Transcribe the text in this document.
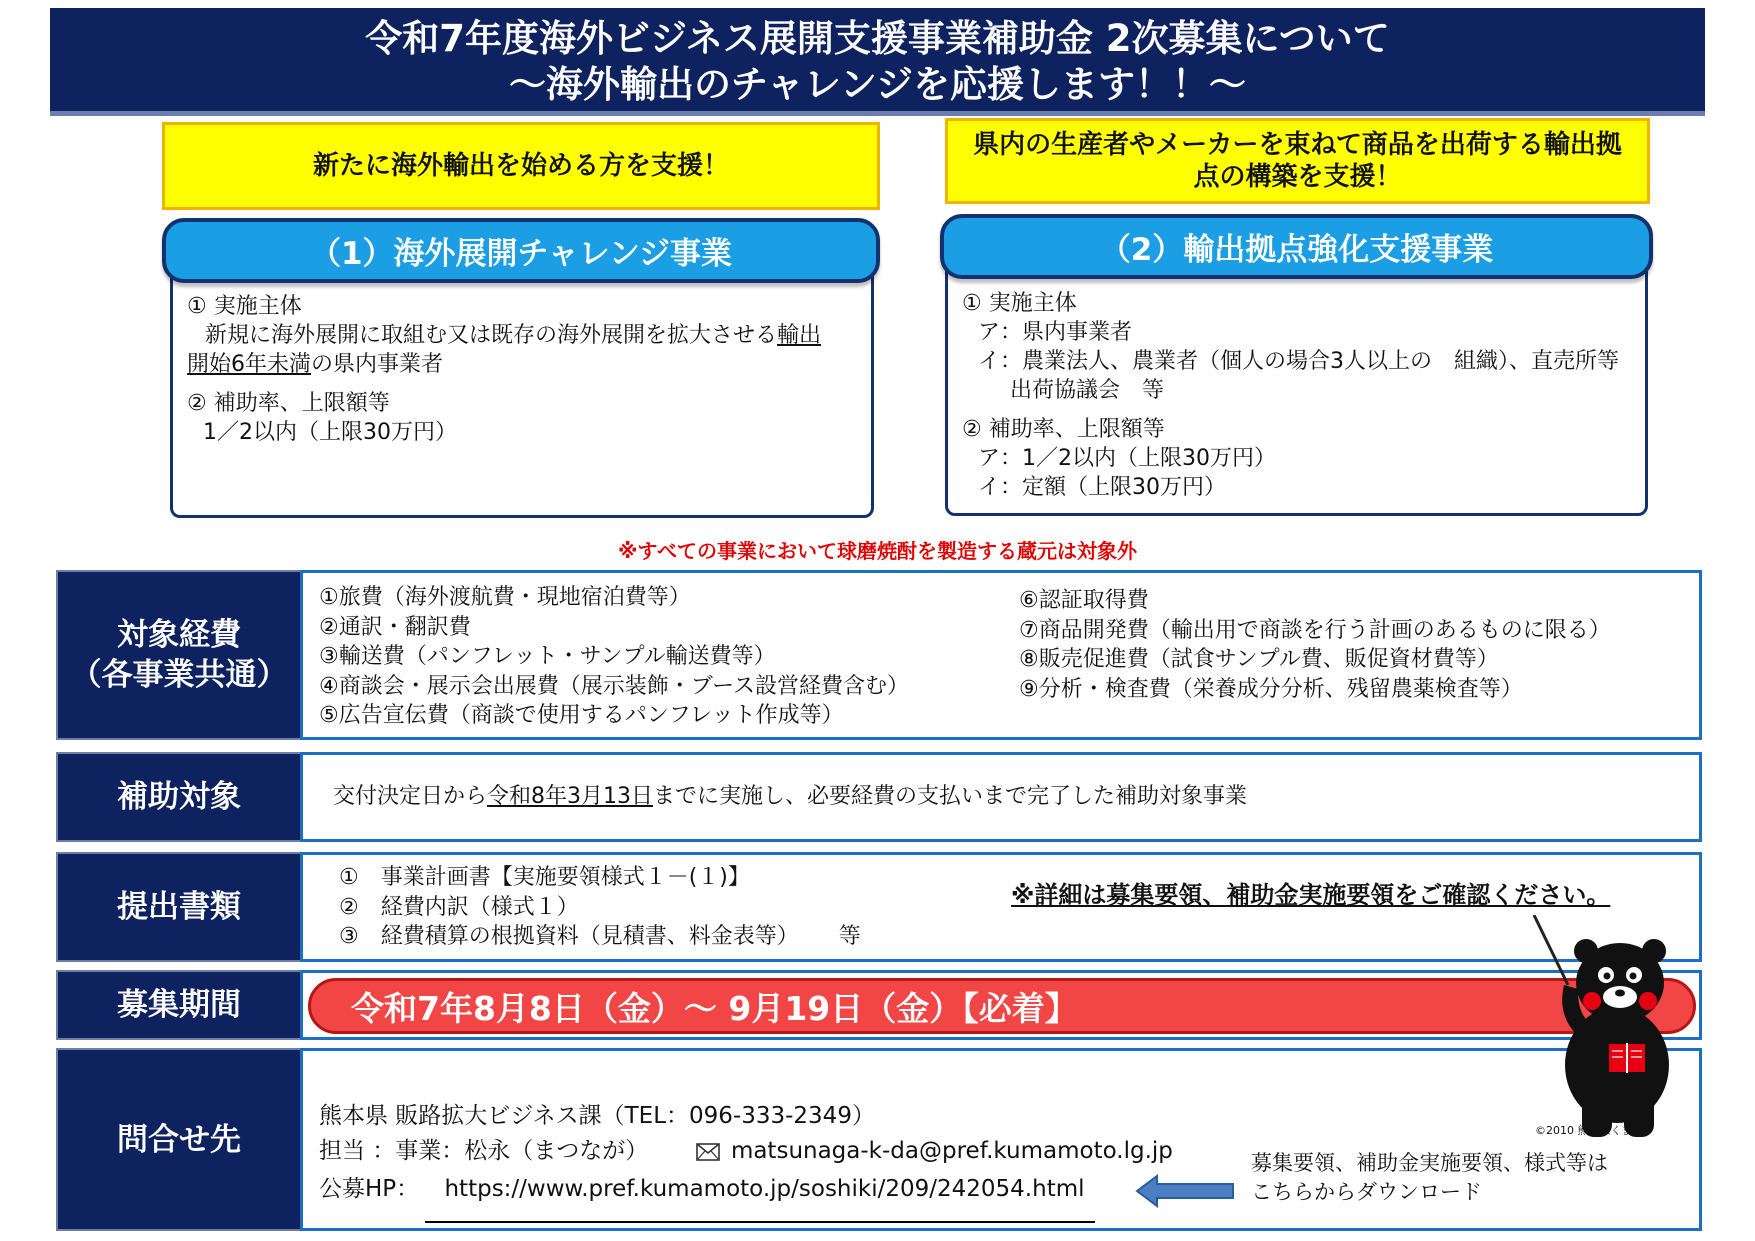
令和7年度海外ビジネス展開支援事業補助金 2次募集について
～海外輸出のチャレンジを応援します！！～
新たに海外輸出を始める方を支援！
県内の生産者やメーカーを束ねて商品を出荷する輸出拠
点の構築を支援！
（1）海外展開チャレンジ事業
① 実施主体
新規に海外展開に取組む又は既存の海外展開を拡大させる輸出
開始6年未満の県内事業者
② 補助率、上限額等
1／2以内（上限30万円）
（2）輸出拠点強化支援事業
① 実施主体
ア：県内事業者
イ：農業法人、農業者（個人の場合3人以上の　組織）、直売所等
出荷協議会　等
② 補助率、上限額等
ア：1／2以内（上限30万円）
イ：定額（上限30万円）
※すべての事業において球磨焼酎を製造する蔵元は対象外
対象経費
（各事業共通）
①旅費（海外渡航費・現地宿泊費等）
②通訳・翻訳費
③輸送費（パンフレット・サンプル輸送費等）
④商談会・展示会出展費（展示装飾・ブース設営経費含む）
⑤広告宣伝費（商談で使用するパンフレット作成等）
⑥認証取得費
⑦商品開発費（輸出用で商談を行う計画のあるものに限る）
⑧販売促進費（試食サンプル費、販促資材費等）
⑨分析・検査費（栄養成分分析、残留農薬検査等）
補助対象	交付決定日から 令和8年3月13日 までに実施し、必要経費の支払いまで完了した補助対象事業
提出書類
①　事業計画書【実施要領様式１－(１)】
②　経費内訳（様式１）
③　経費積算の根拠資料（見積書、料金表等）　　 等
※詳細は募集要領、補助金実施要領をご確認ください。
募集期間	令和7年8月8日（金）～ 9月19日（金）【必着】
問合せ先
熊本県 販路拡大ビジネス課（TEL：096-333-2349）
担当 ：事業：松永（まつなが）	matsunaga-k-da@pref.kumamoto.lg.jp
公募HP： https://www.pref.kumamoto.jp/soshiki/209/242054.html
募集要領、補助金実施要領、様式等は
こちらからダウンロード
©2010 熊本県くまモン
